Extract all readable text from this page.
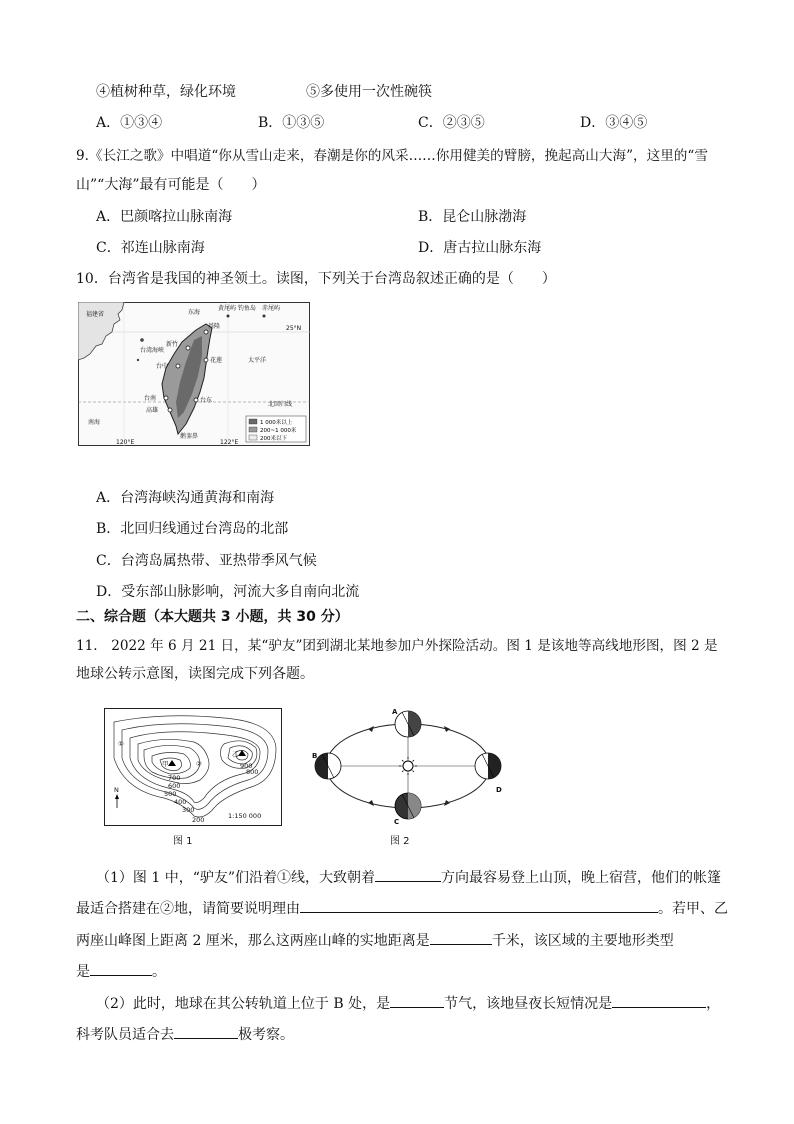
④植树种草，绿化环境	⑤多使用一次性碗筷
A．①③④	B．①③⑤	C．②③⑤	D．③④⑤
9.《长江之歌》中唱道“你从雪山走来，春潮是你的风采……你用健美的臂膀，挽起高山大海”，这里的“雪
山”“大海”最有可能是（　　）
A．巴颜喀拉山脉南海	B．昆仑山脉渤海
C．祁连山脉南海	D．唐古拉山脉东海
10．台湾省是我国的神圣领土。读图，下列关于台湾岛叙述正确的是（　　）
福建省	东海
台湾海峡
黄尾屿 钓鱼岛 赤尾屿
基隆
新竹
台中
花莲
台南
高雄
台东
鹅銮鼻
太平洋
南海
北回归线
25°N
120°E	122°E
1 000米以上
200~1 000米
200米以下
A．台湾海峡沟通黄海和南海
B．北回归线通过台湾岛的北部
C．台湾岛属热带、亚热带季风气候
D．受东部山脉影响，河流大多自南向北流
二、综合题（本大题共 3 小题，共 30 分）
11.　2022 年 6 月 21 日，某“驴友”团到湖北某地参加户外探险活动。图 1 是该地等高线地形图，图 2 是
地球公转示意图，读图完成下列各题。
甲
乙
①
②	900
800
700
600
500
400
300
200	1:150 000
N
图 1
A
B
C
D
图 2
（1）图 1 中，“驴友”们沿着①线，大致朝着	方向最容易登上山顶，晚上宿营，他们的帐篷
最适合搭建在②地，请简要说明理由	。若甲、乙
两座山峰图上距离 2 厘米，那么这两座山峰的实地距离是	千米，该区域的主要地形类型
是	。
（2）此时，地球在其公转轨道上位于 B 处，是	节气，该地昼夜长短情况是	，
科考队员适合去	极考察。
